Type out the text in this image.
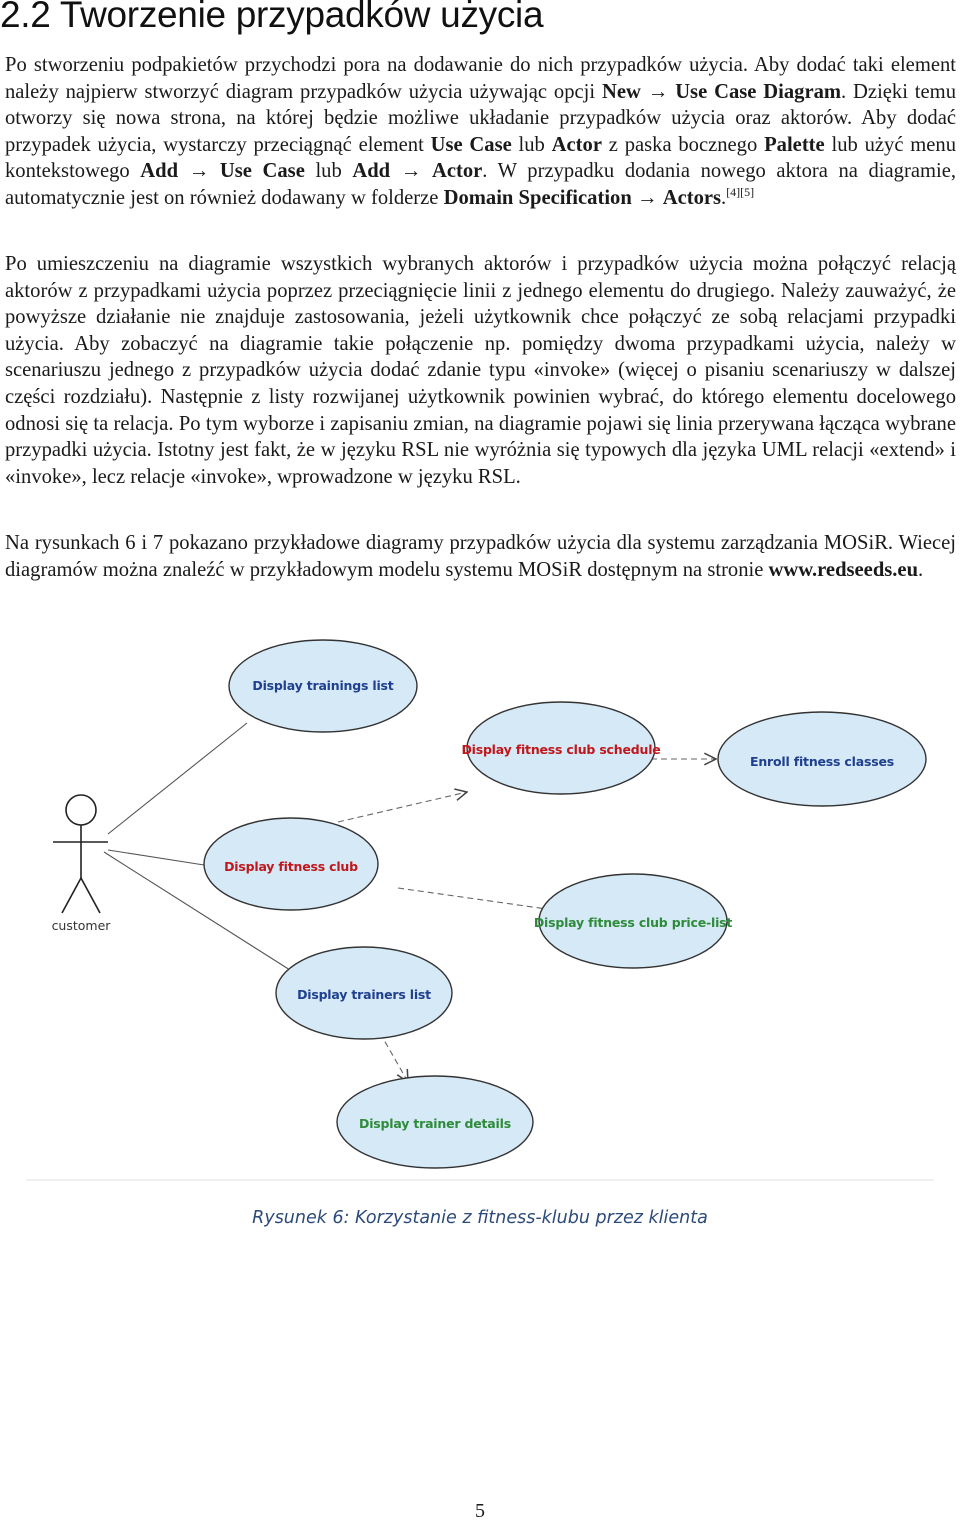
2.2 Tworzenie przypadków użycia

Po stworzeniu podpakietów przychodzi pora na dodawanie do nich przypadków użycia. Aby dodać taki element należy najpierw stworzyć diagram przypadków użycia używając opcji New → Use Case Diagram. Dzięki temu otworzy się nowa strona, na której będzie możliwe układanie przypadków użycia oraz aktorów. Aby dodać przypadek użycia, wystarczy przeciągnąć element Use Case lub Actor z paska bocznego Palette lub użyć menu kontekstowego Add → Use Case lub Add → Actor. W przypadku dodania nowego aktora na diagramie, automatycznie jest on również dodawany w folderze Domain Specification → Actors.[4][5]

Po umieszczeniu na diagramie wszystkich wybranych aktorów i przypadków użycia można połączyć relacją aktorów z przypadkami użycia poprzez przeciągnięcie linii z jednego elementu do drugiego. Należy zauważyć, że powyższe działanie nie znajduje zastosowania, jeżeli użytkownik chce połączyć ze sobą relacjami przypadki użycia. Aby zobaczyć na diagramie takie połączenie np. pomiędzy dwoma przypadkami użycia, należy w scenariuszu jednego z przypadków użycia dodać zdanie typu «invoke» (więcej o pisaniu scenariuszy w dalszej części rozdziału). Następnie z listy rozwijanej użytkownik powinien wybrać, do którego elementu docelowego odnosi się ta relacja. Po tym wyborze i zapisaniu zmian, na diagramie pojawi się linia przerywana łącząca wybrane przypadki użycia. Istotny jest fakt, że w języku RSL nie wyróżnia się typowych dla języka UML relacji «extend» i «invoke», lecz relacje «invoke», wprowadzone w języku RSL.

Na rysunkach 6 i 7 pokazano przykładowe diagramy przypadków użycia dla systemu zarządzania MOSiR. Wiecej diagramów można znaleźć w przykładowym modelu systemu MOSiR dostępnym na stronie www.redseeds.eu.

customer
Display trainings list
Display fitness club schedule
Enroll fitness classes
Display fitness club
Display fitness club price-list
Display trainers list
Display trainer details

Rysunek 6: Korzystanie z fitness-klubu przez klienta

5
